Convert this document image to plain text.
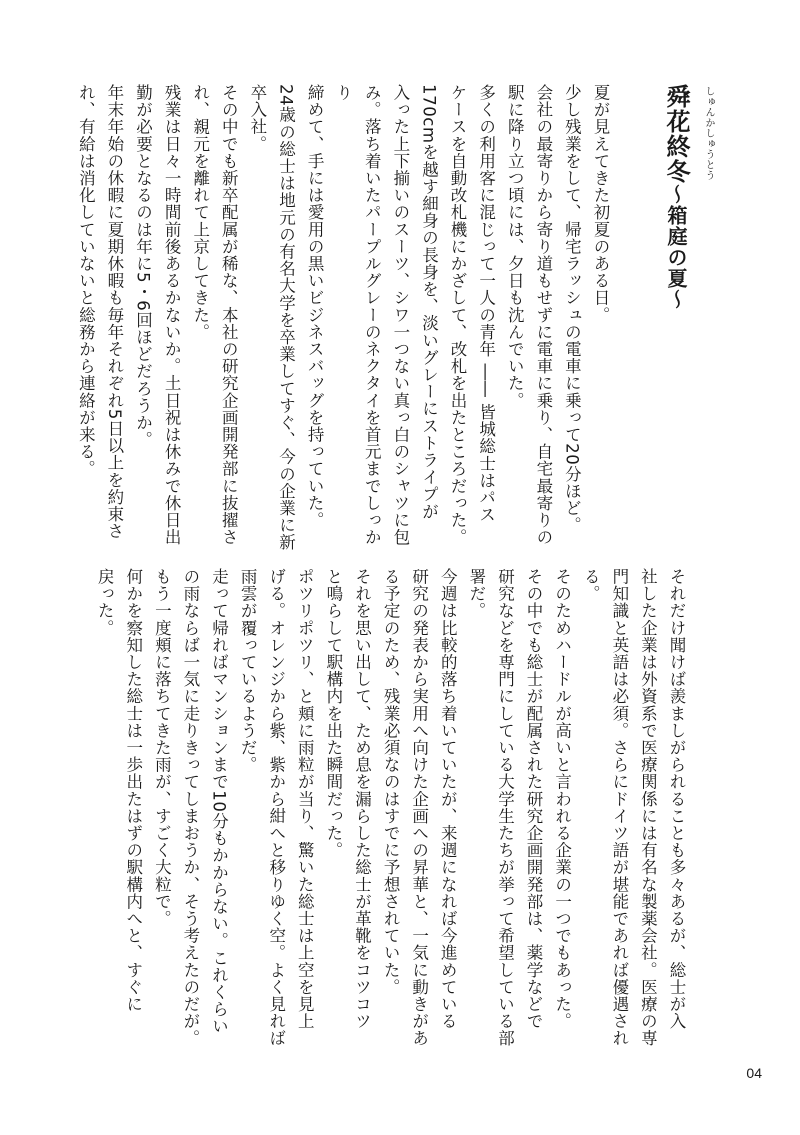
舜花終冬〜箱庭の夏〜
しゅんかしゅうとう
夏が見えてきた初夏のある日。
少し残業をして、帰宅ラッシュの電車に乗って20分ほど。
会社の最寄りから寄り道もせずに電車に乗り、自宅最寄りの
駅に降り立つ頃には、夕日も沈んでいた。
多くの利用客に混じって一人の青年 ―― 皆城総士はパス
ケースを自動改札機にかざして、改札を出たところだった。
170cmを越す細身の長身を、淡いグレーにストライプが
入った上下揃いのスーツ、シワ一つない真っ白のシャツに包
み。落ち着いたパープルグレーのネクタイを首元までしっかり
締めて、手には愛用の黒いビジネスバッグを持っていた。
24歳の総士は地元の有名大学を卒業してすぐ、今の企業に新
卒入社。
その中でも新卒配属が稀な、本社の研究企画開発部に抜擢さ
れ、親元を離れて上京してきた。
残業は日々一時間前後あるかないか。土日祝は休みで休日出
勤が必要となるのは年に5・6回ほどだろうか。
年末年始の休暇に夏期休暇も毎年それぞれ5日以上を約束さ
れ、有給は消化していないと総務から連絡が来る。
それだけ聞けば羨ましがられることも多々あるが、総士が入
社した企業は外資系で医療関係には有名な製薬会社。医療の専
門知識と英語は必須。さらにドイツ語が堪能であれば優遇され
る。
そのためハードルが高いと言われる企業の一つでもあった。
その中でも総士が配属された研究企画開発部は、薬学などで
研究などを専門にしている大学生たちが挙って希望している部
署だ。
今週は比較的落ち着いていたが、来週になれば今進めている
研究の発表から実用へ向けた企画への昇華と、一気に動きがあ
る予定のため、残業必須なのはすでに予想されていた。
それを思い出して、ため息を漏らした総士が革靴をコツコツ
と鳴らして駅構内を出た瞬間だった。
ポツリポツリ、と頬に雨粒が当り、驚いた総士は上空を見上
げる。オレンジから紫、紫から紺へと移りゆく空。よく見れば
雨雲が覆っているようだ。
走って帰ればマンションまで10分もかからない。これくらい
の雨ならば一気に走りきってしまおうか、そう考えたのだが。
もう一度頬に落ちてきた雨が、すごく大粒で。
何かを察知した総士は一歩出たはずの駅構内へと、すぐに
戻った。
04
